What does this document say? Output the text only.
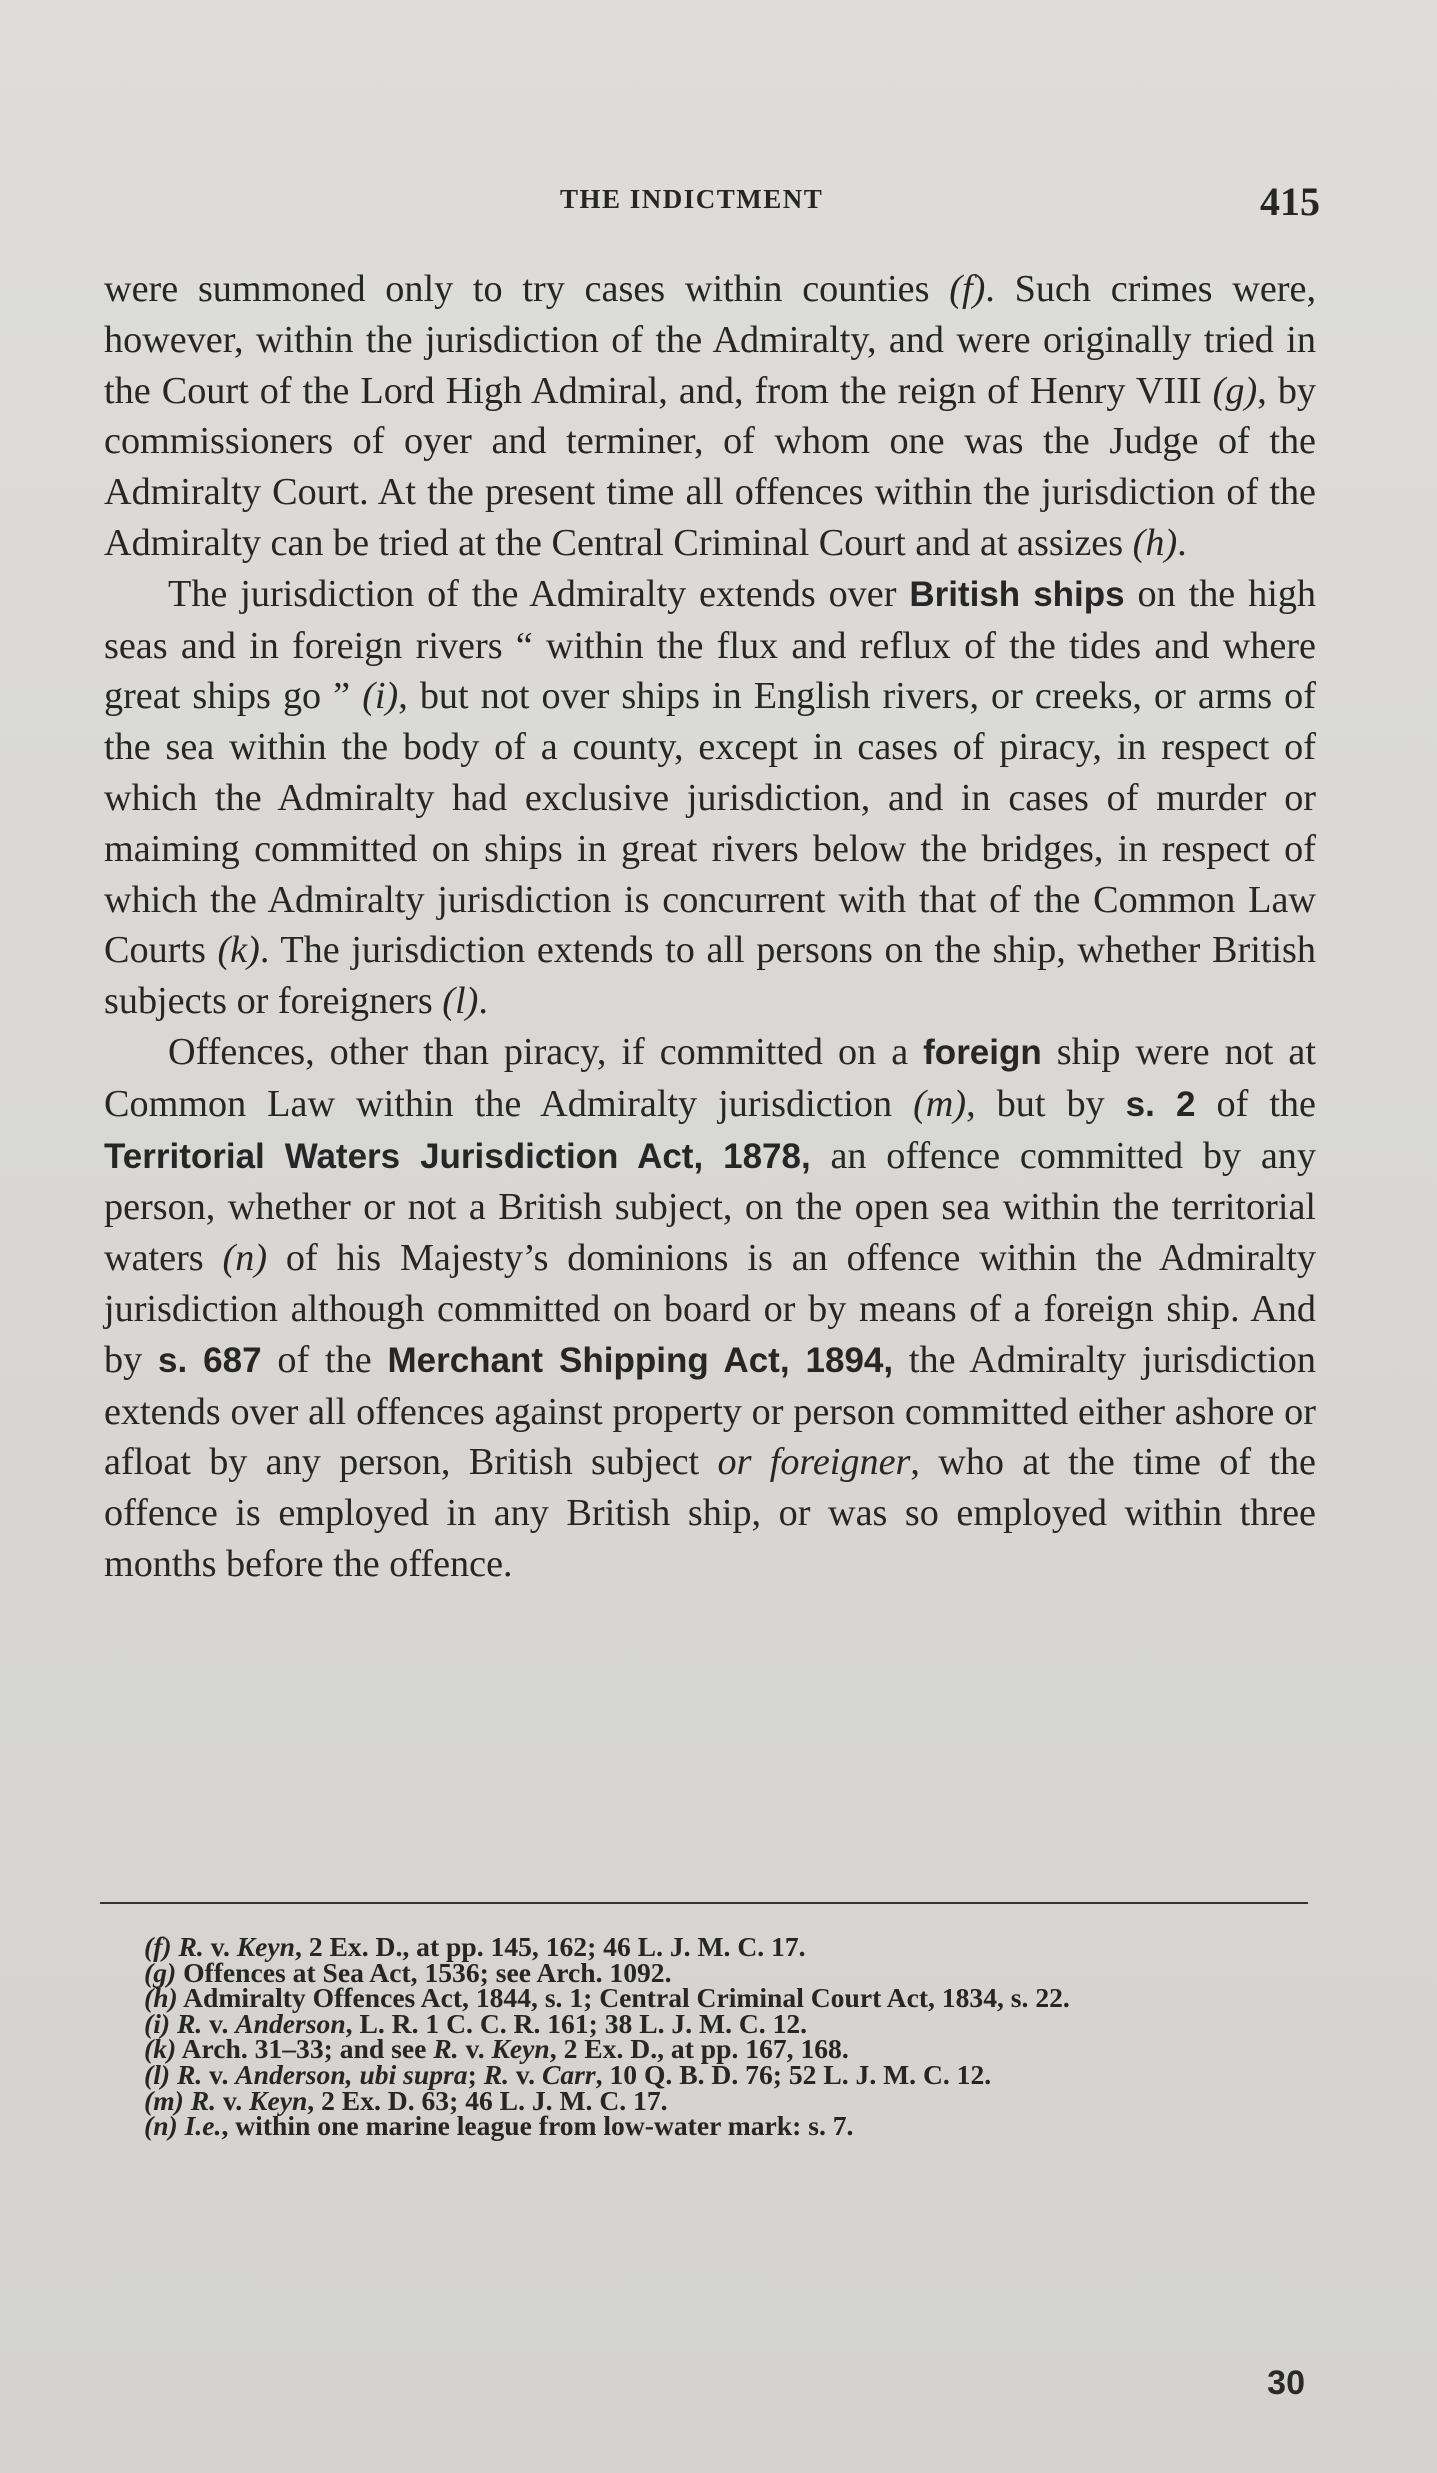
THE INDICTMENT	415

were summoned only to try cases within counties (f). Such crimes were, however, within the jurisdiction of the Admiralty, and were originally tried in the Court of the Lord High Admiral, and, from the reign of Henry VIII (g), by commissioners of oyer and terminer, of whom one was the Judge of the Admiralty Court. At the present time all offences within the jurisdiction of the Admiralty can be tried at the Central Criminal Court and at assizes (h).

The jurisdiction of the Admiralty extends over British ships on the high seas and in foreign rivers “ within the flux and reflux of the tides and where great ships go ” (i), but not over ships in English rivers, or creeks, or arms of the sea within the body of a county, except in cases of piracy, in respect of which the Admiralty had exclusive jurisdiction, and in cases of murder or maiming committed on ships in great rivers below the bridges, in respect of which the Admiralty jurisdiction is concurrent with that of the Common Law Courts (k). The jurisdiction extends to all persons on the ship, whether British subjects or foreigners (l).

Offences, other than piracy, if committed on a foreign ship were not at Common Law within the Admiralty jurisdiction (m), but by s. 2 of the Territorial Waters Jurisdiction Act, 1878, an offence committed by any person, whether or not a British subject, on the open sea within the territorial waters (n) of his Majesty’s dominions is an offence within the Admiralty jurisdiction although committed on board or by means of a foreign ship. And by s. 687 of the Merchant Shipping Act, 1894, the Admiralty jurisdiction extends over all offences against property or person committed either ashore or afloat by any person, British subject or foreigner, who at the time of the offence is employed in any British ship, or was so employed within three months before the offence.

(f) R. v. Keyn, 2 Ex. D., at pp. 145, 162; 46 L. J. M. C. 17.

(g) Offences at Sea Act, 1536; see Arch. 1092.

(h) Admiralty Offences Act, 1844, s. 1; Central Criminal Court Act, 1834, s. 22.

(i) R. v. Anderson, L. R. 1 C. C. R. 161; 38 L. J. M. C. 12.

(k) Arch. 31–33; and see R. v. Keyn, 2 Ex. D., at pp. 167, 168.

(l) R. v. Anderson, ubi supra; R. v. Carr, 10 Q. B. D. 76; 52 L. J. M. C. 12.

(m) R. v. Keyn, 2 Ex. D. 63; 46 L. J. M. C. 17.

(n) I.e., within one marine league from low-water mark: s. 7.

30
